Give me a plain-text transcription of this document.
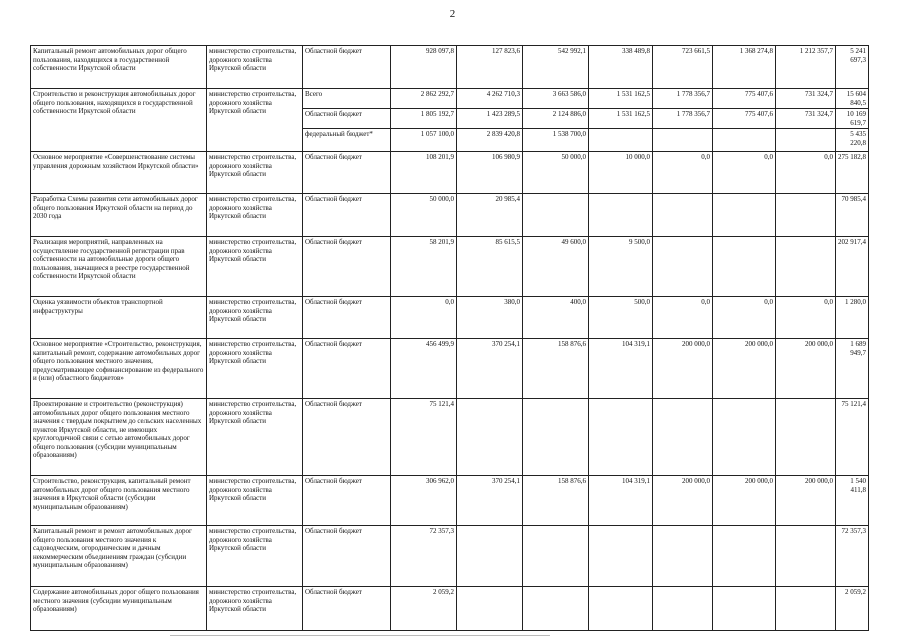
2
Капитальный ремонт автомобильных дорог общего пользования, находящихся в государственной собственности Иркутской области	министерство строительства, дорожного хозяйства Иркутской области	Областной бюджет	928 097,8	127 823,6	542 992,1	338 489,8	723 661,5	1 368 274,8	1 212 357,7	5 241 697,3
Строительство и реконструкция автомобильных дорог общего пользования, находящихся в государственной собственности Иркутской области	министерство строительства, дорожного хозяйства Иркутской области	Всего	2 862 292,7	4 262 710,3	3 663 586,0	1 531 162,5	1 778 356,7	775 407,6	731 324,7	15 604 840,5
		Областной бюджет	1 805 192,7	1 423 289,5	2 124 886,0	1 531 162,5	1 778 356,7	775 407,6	731 324,7	10 169 619,7
		федеральный бюджет*	1 057 100,0	2 839 420,8	1 538 700,0					5 435 220,8
Основное мероприятие «Совершенствование системы управления дорожным хозяйством Иркутской области»	министерство строительства, дорожного хозяйства Иркутской области	Областной бюджет	108 201,9	106 980,9	50 000,0	10 000,0	0,0	0,0	0,0	275 182,8
Разработка Схемы развития сети автомобильных дорог общего пользования Иркутской области на период до 2030 года	министерство строительства, дорожного хозяйства Иркутской области	Областной бюджет	50 000,0	20 985,4						70 985,4
Реализация мероприятий, направленных на осуществление государственной регистрации прав собственности на автомобильные дороги общего пользования, значащиеся в реестре государственной собственности Иркутской области	министерство строительства, дорожного хозяйства Иркутской области	Областной бюджет	58 201,9	85 615,5	49 600,0	9 500,0				202 917,4
Оценка уязвимости объектов транспортной инфраструктуры	министерство строительства, дорожного хозяйства Иркутской области	Областной бюджет	0,0	380,0	400,0	500,0	0,0	0,0	0,0	1 280,0
Основное мероприятие «Строительство, реконструкция, капитальный ремонт, содержание автомобильных дорог общего пользования местного значения, предусматривающее софинансирование из федерального и (или) областного бюджетов»	министерство строительства, дорожного хозяйства Иркутской области	Областной бюджет	456 499,9	370 254,1	158 876,6	104 319,1	200 000,0	200 000,0	200 000,0	1 689 949,7
Проектирование и строительство (реконструкция) автомобильных дорог общего пользования местного значения с твердым покрытием до сельских населенных пунктов Иркутской области, не имеющих круглогодичной связи с сетью автомобильных дорог общего пользования (субсидии муниципальным образованиям)	министерство строительства, дорожного хозяйства Иркутской области	Областной бюджет	75 121,4							75 121,4
Строительство, реконструкция, капитальный ремонт автомобильных дорог общего пользования местного значения в Иркутской области (субсидии муниципальным образованиям)	министерство строительства, дорожного хозяйства Иркутской области	Областной бюджет	306 962,0	370 254,1	158 876,6	104 319,1	200 000,0	200 000,0	200 000,0	1 540 411,8
Капитальный ремонт и ремонт автомобильных дорог общего пользования местного значения к садоводческим, огородническим и дачным некоммерческим объединениям граждан (субсидии муниципальным образованиям)	министерство строительства, дорожного хозяйства Иркутской области	Областной бюджет	72 357,3							72 357,3
Содержание автомобильных дорог общего пользования местного значения (субсидии муниципальным образованиям)	министерство строительства, дорожного хозяйства Иркутской области	Областной бюджет	2 059,2							2 059,2
